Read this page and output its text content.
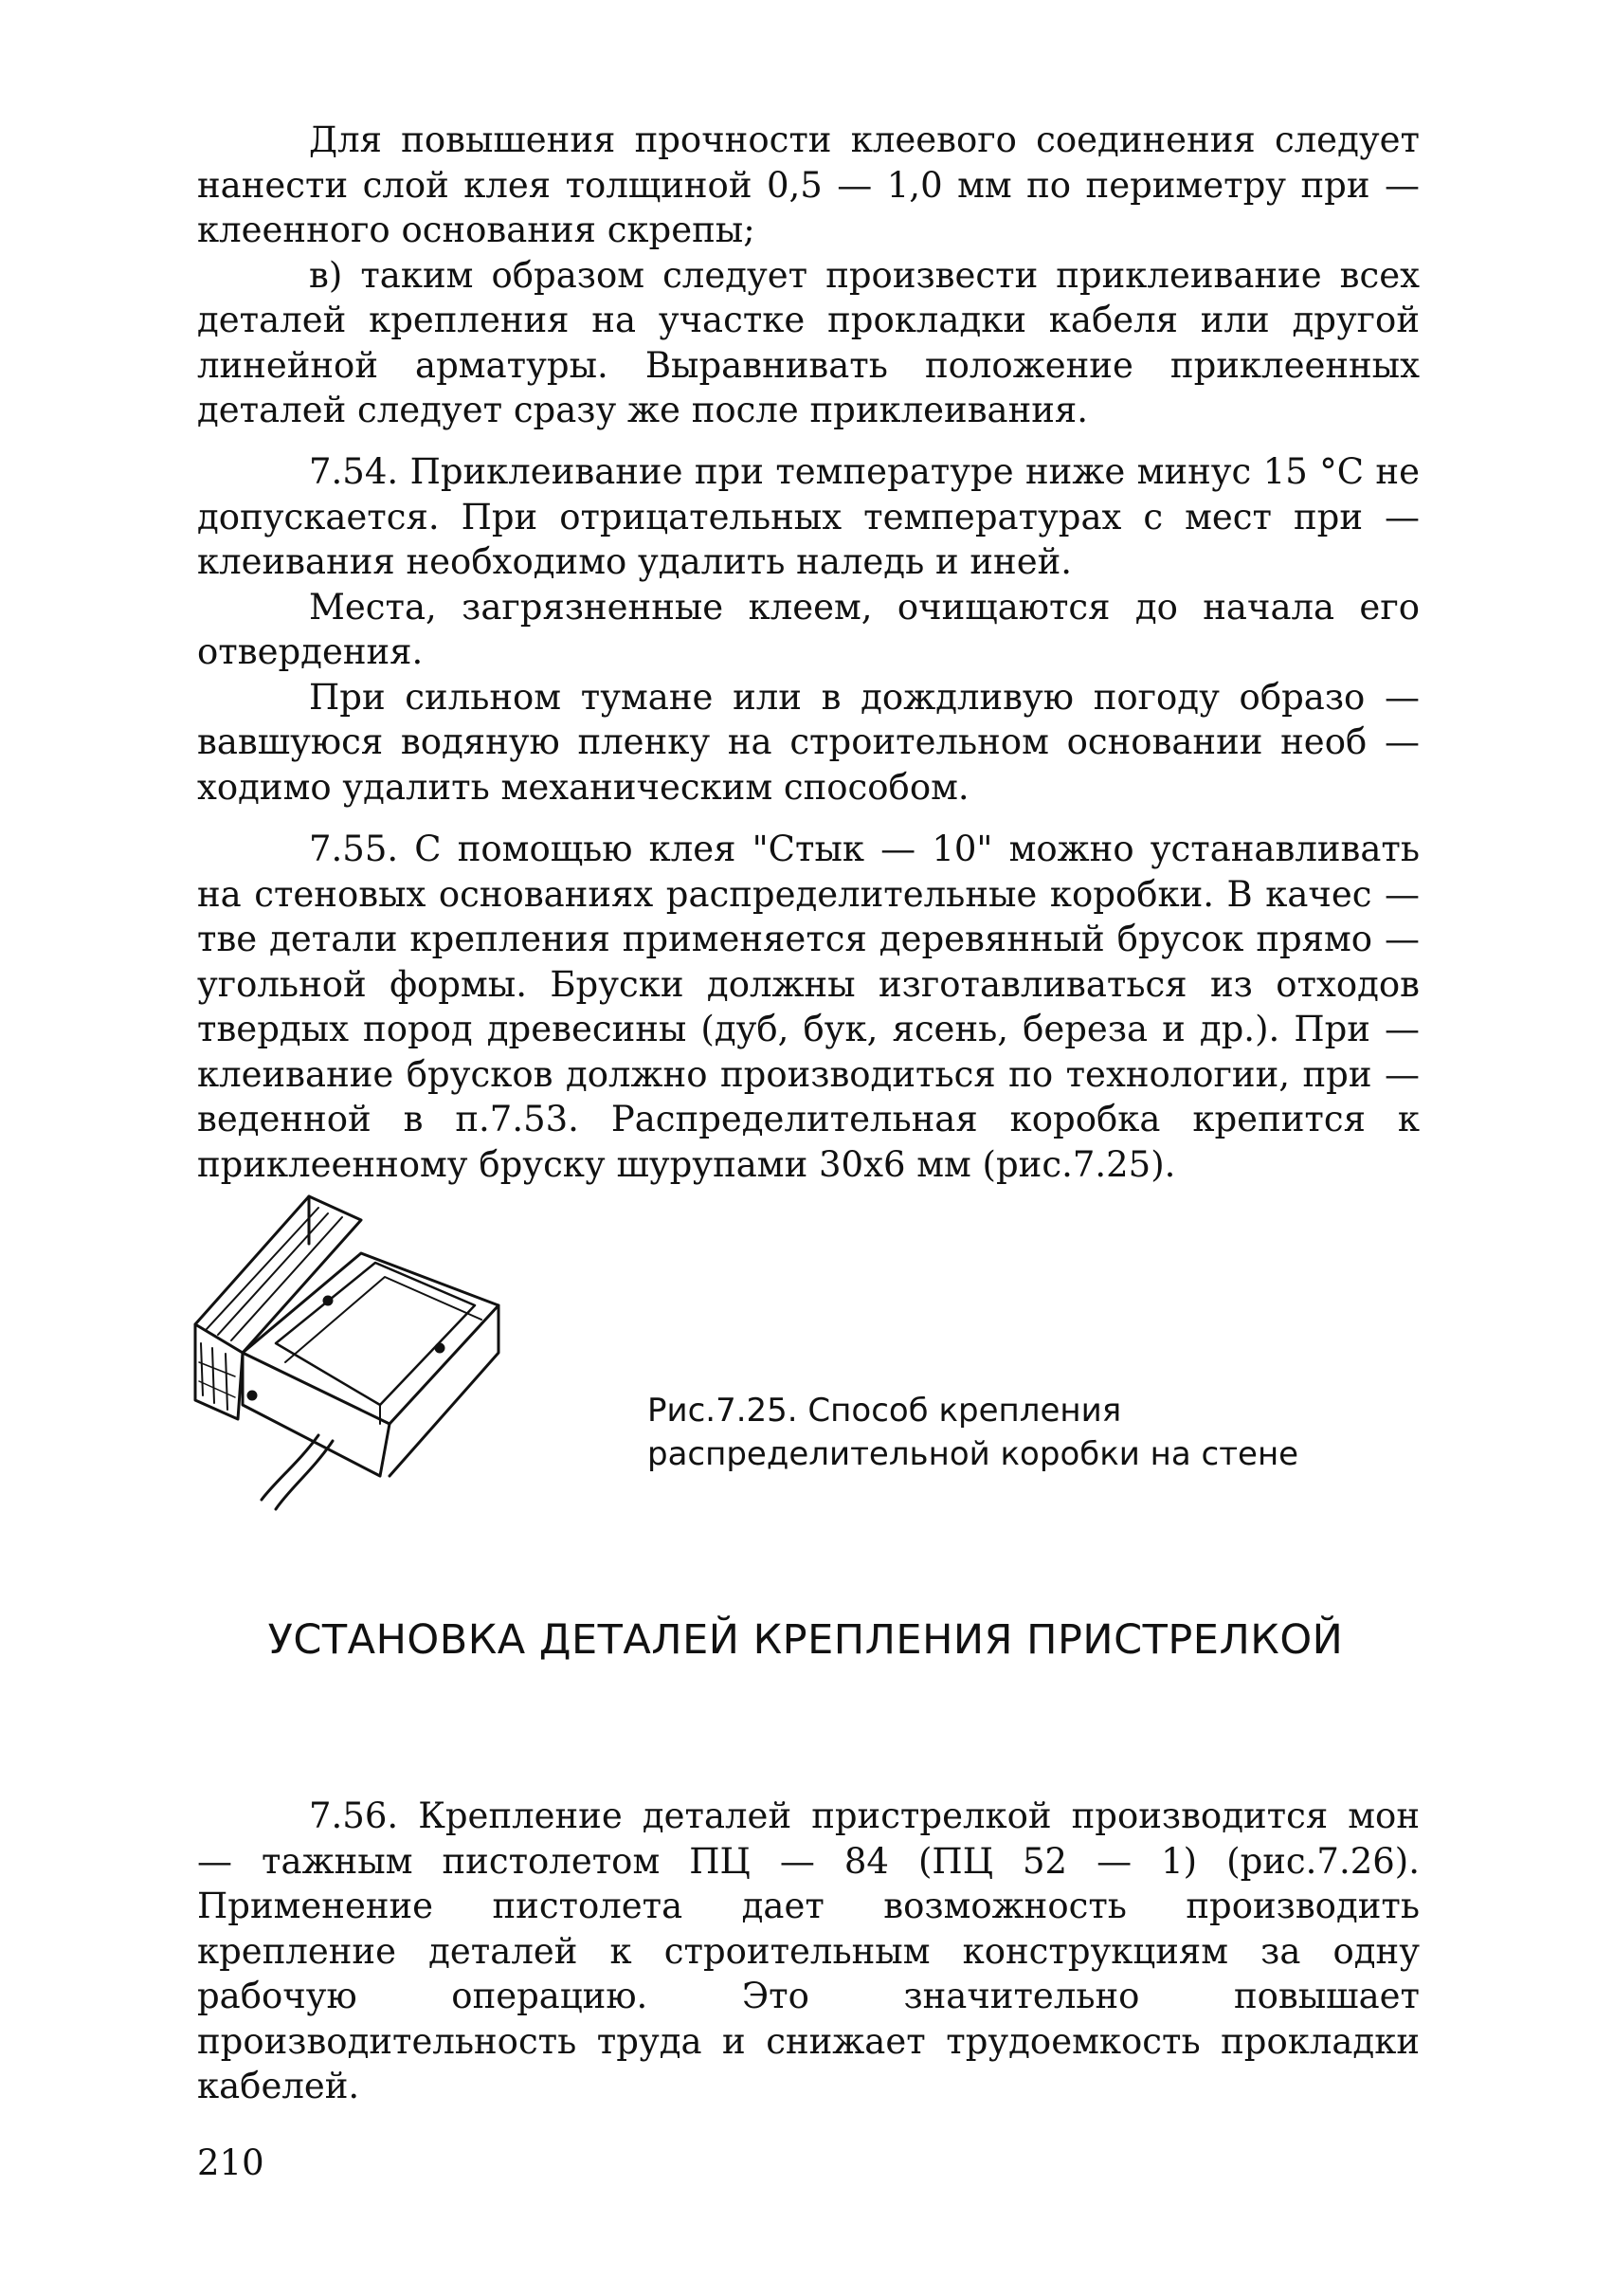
Для повышения прочности клеевого соединения следует нанести слой клея толщиной 0,5 — 1,0 мм по периметру при — клеенного основания скрепы;

в) таким образом следует произвести приклеивание всех деталей крепления на участке прокладки кабеля или другой линейной арматуры. Выравнивать положение приклеенных деталей следует сразу же после приклеивания.

7.54. Приклеивание при температуре ниже минус 15 °С не допускается. При отрицательных температурах с мест при — клеивания необходимо удалить наледь и иней.

Места, загрязненные клеем, очищаются до начала его отвердения.

При сильном тумане или в дождливую погоду образо — вавшуюся водяную пленку на строительном основании необ — ходимо удалить механическим способом.

7.55. С помощью клея "Стык — 10" можно устанавливать на стеновых основаниях распределительные коробки. В качес — тве детали крепления применяется деревянный брусок прямо — угольной формы. Бруски должны изготавливаться из отходов твердых пород древесины (дуб, бук, ясень, береза и др.). При — клеивание брусков должно производиться по технологии, при — веденной в п.7.53. Распределительная коробка крепится к приклеенному бруску шурупами 30х6 мм (рис.7.25).

Рис.7.25. Способ крепления
распределительной коробки на стене
УСТАНОВКА ДЕТАЛЕЙ КРЕПЛЕНИЯ ПРИСТРЕЛКОЙ

7.56. Крепление деталей пристрелкой производится мон — тажным пистолетом ПЦ — 84 (ПЦ 52 — 1) (рис.7.26). Применение пистолета дает возможность производить крепление деталей к строительным конструкциям за одну рабочую операцию. Это значительно повышает производительность труда и снижает трудоемкость прокладки кабелей.

210
